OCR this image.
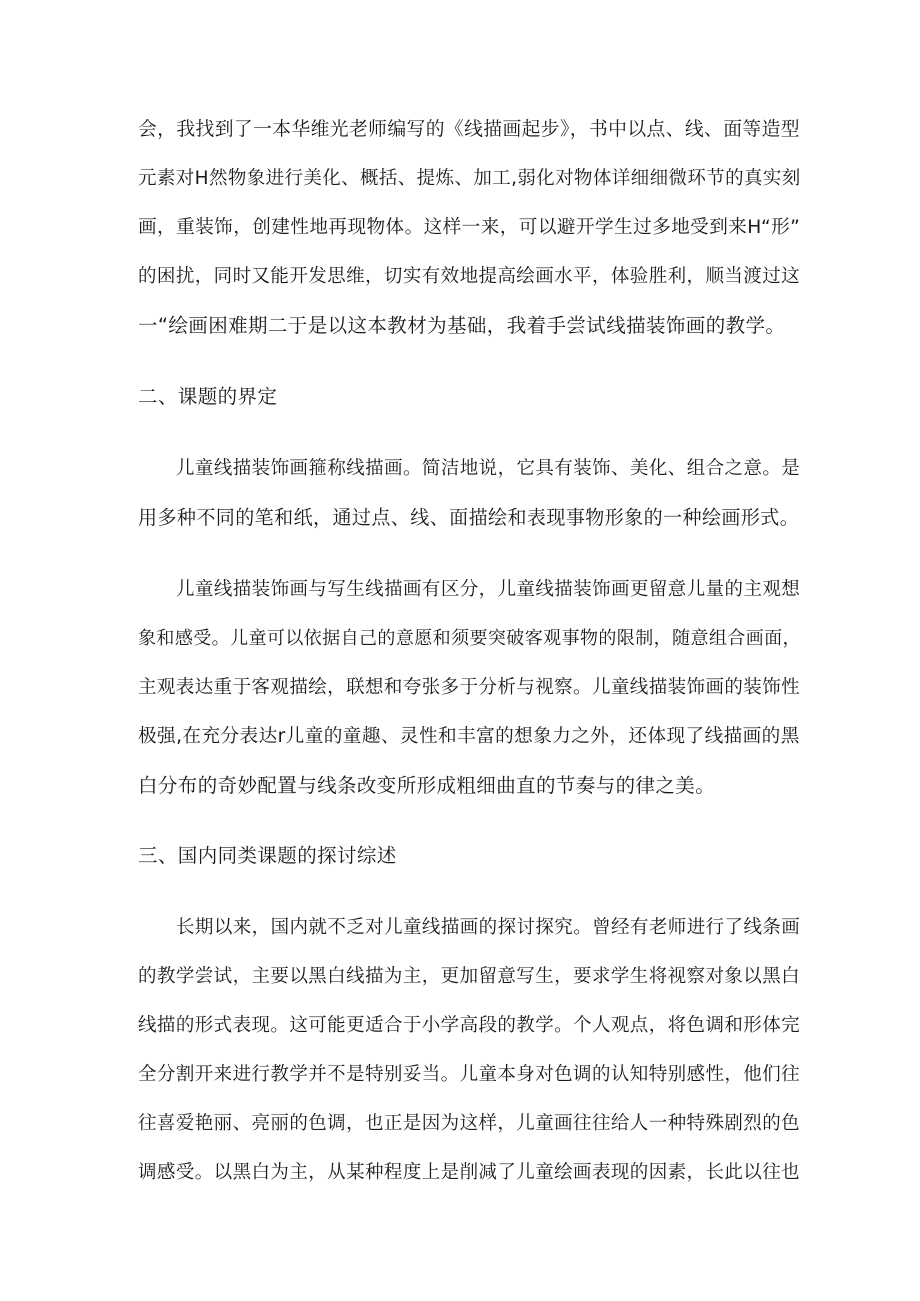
会，我找到了一本华维光老师编写的《线描画起步》，书中以点、线、面等造型
元素对H然物象进行美化、概括、提炼、加工,弱化对物体详细细微环节的真实刻
画，重装饰，创建性地再现物体。这样一来，可以避开学生过多地受到来H“形”
的困扰，同时又能开发思维，切实有效地提高绘画水平，体验胜利，顺当渡过这
一“绘画困难期二于是以这本教材为基础，我着手尝试线描装饰画的教学。
二、课题的界定
儿童线描装饰画箍称线描画。简洁地说，它具有装饰、美化、组合之意。是
用多种不同的笔和纸，通过点、线、面描绘和表现事物形象的一种绘画形式。
儿童线描装饰画与写生线描画有区分，儿童线描装饰画更留意儿量的主观想
象和感受。儿童可以依据自己的意愿和须要突破客观事物的限制，随意组合画面，
主观表达重于客观描绘，联想和夸张多于分析与视察。儿童线描装饰画的装饰性
极强,在充分表达r儿童的童趣、灵性和丰富的想象力之外，还体现了线描画的黑
白分布的奇妙配置与线条改变所形成粗细曲直的节奏与的律之美。
三、国内同类课题的探讨综述
长期以来，国内就不乏对儿童线描画的探讨探究。曾经有老师进行了线条画
的教学尝试，主要以黑白线描为主，更加留意写生，要求学生将视察对象以黑白
线描的形式表现。这可能更适合于小学高段的教学。个人观点，将色调和形体完
全分割开来进行教学并不是特别妥当。儿童本身对色调的认知特别感性，他们往
往喜爱艳丽、亮丽的色调，也正是因为这样，儿童画往往给人一种特殊剧烈的色
调感受。以黑白为主，从某种程度上是削减了儿童绘画表现的因素，长此以往也
